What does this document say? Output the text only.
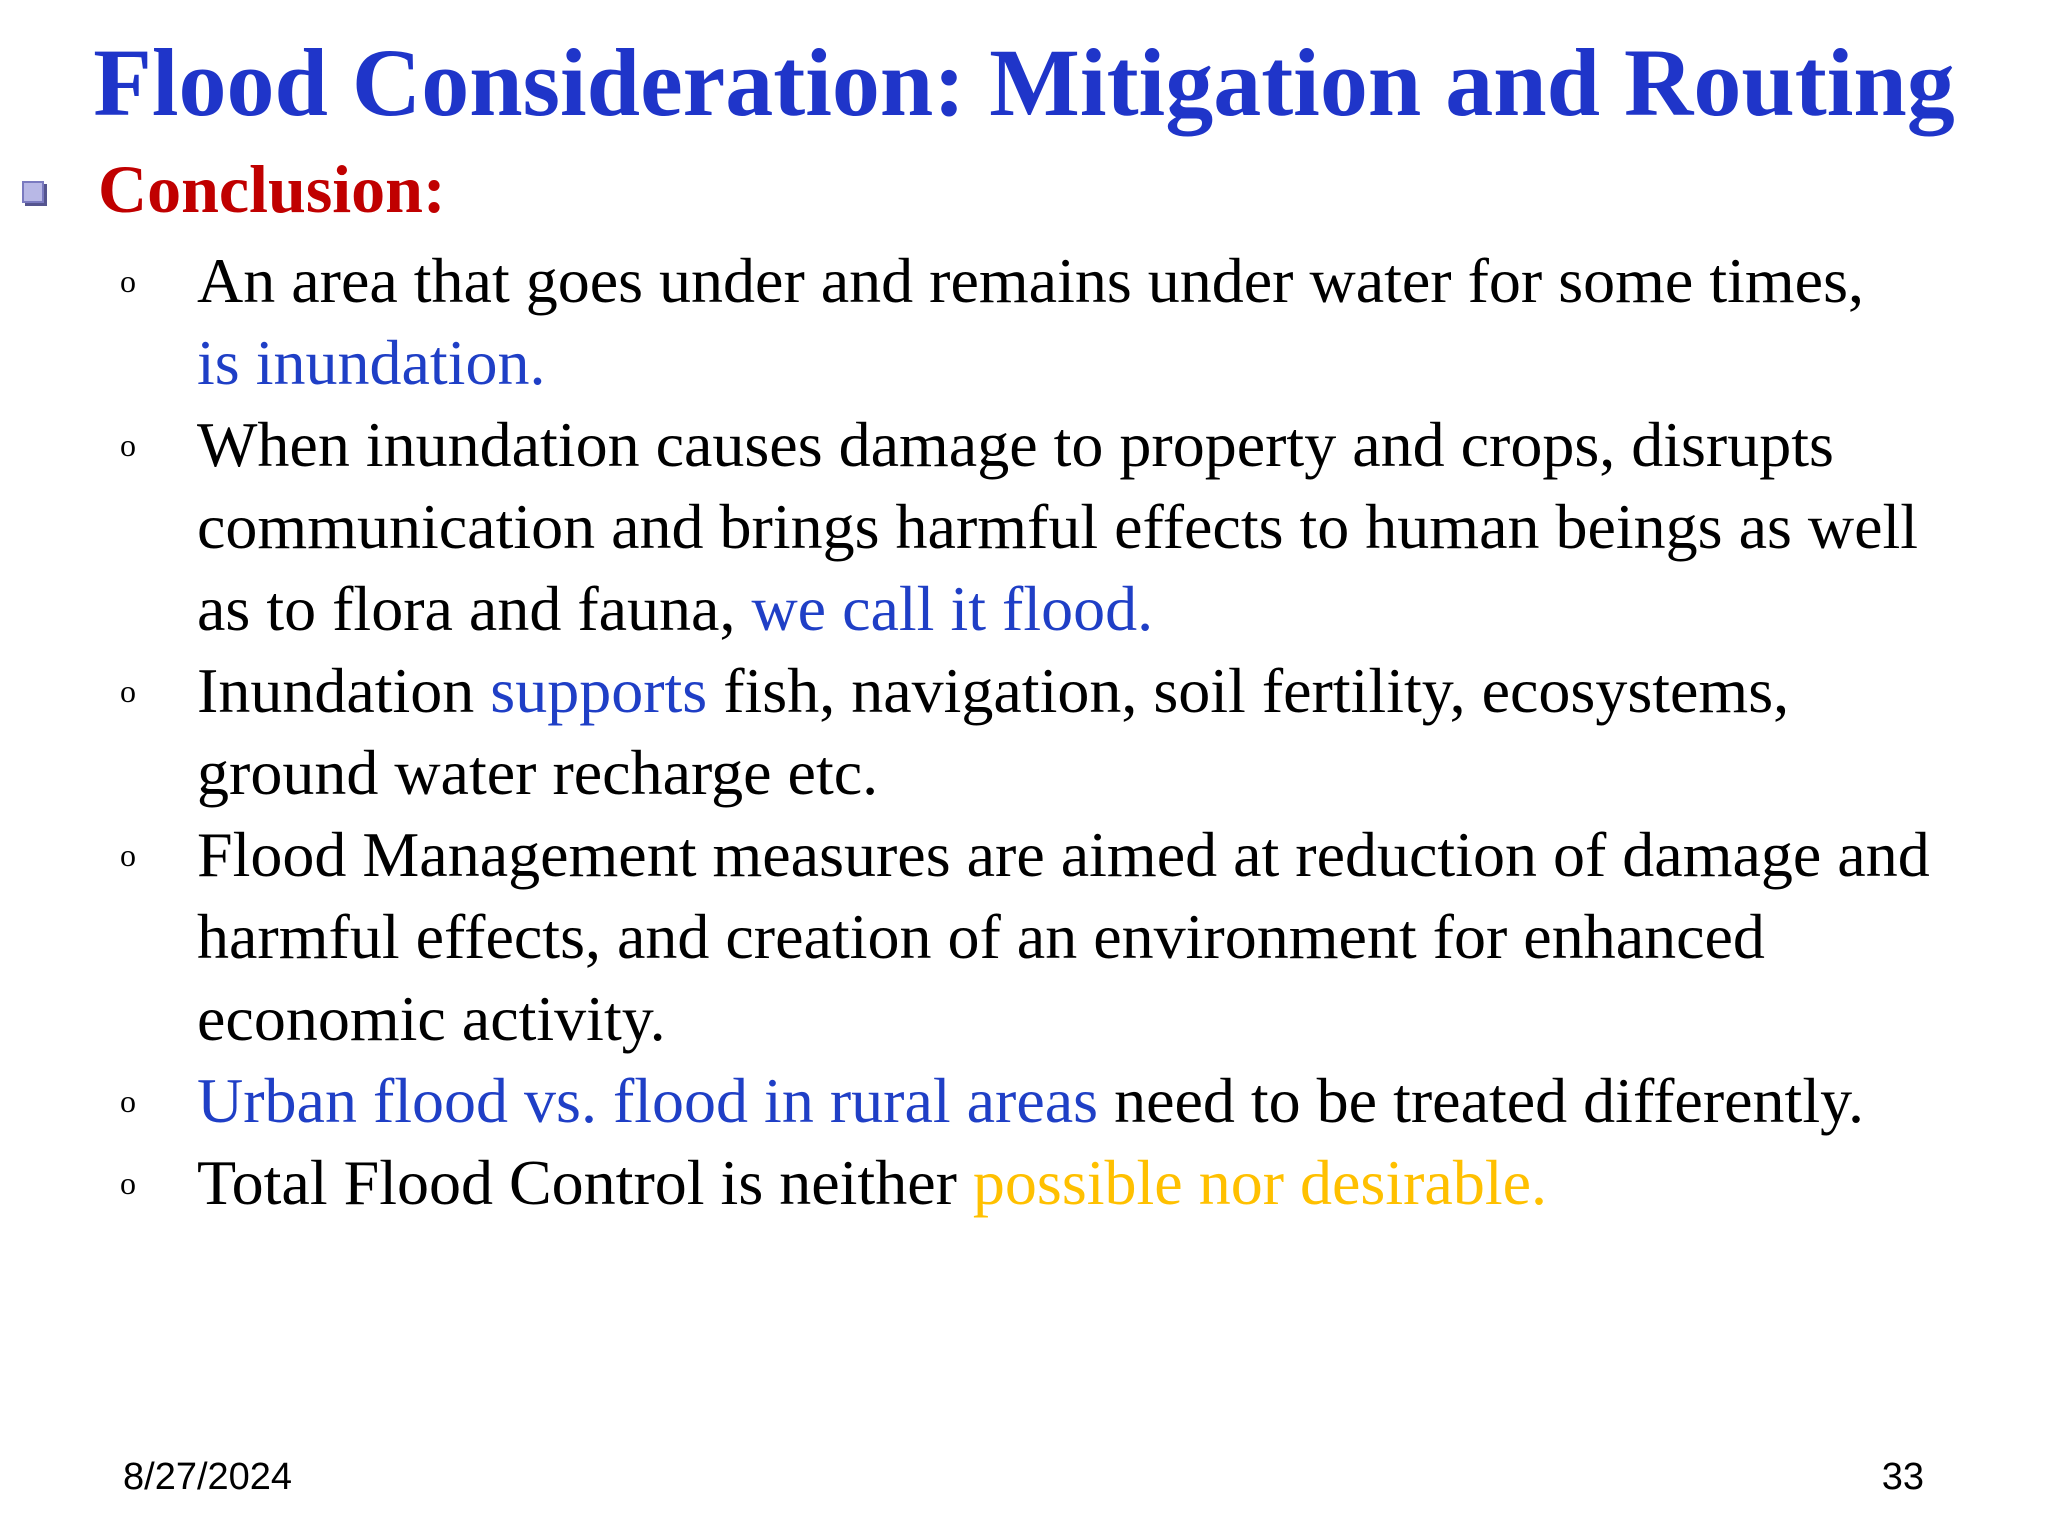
Flood Consideration: Mitigation and Routing
Conclusion:
o An area that goes under and remains under water for some times,
is inundation.
o When inundation causes damage to property and crops, disrupts
communication and brings harmful effects to human beings as well
as to flora and fauna, we call it flood.
o Inundation supports fish, navigation, soil fertility, ecosystems,
ground water recharge etc.
o Flood Management measures are aimed at reduction of damage and
harmful effects, and creation of an environment for enhanced
economic activity.
o Urban flood vs. flood in rural areas need to be treated differently.
o Total Flood Control is neither possible nor desirable.
8/27/2024	33
